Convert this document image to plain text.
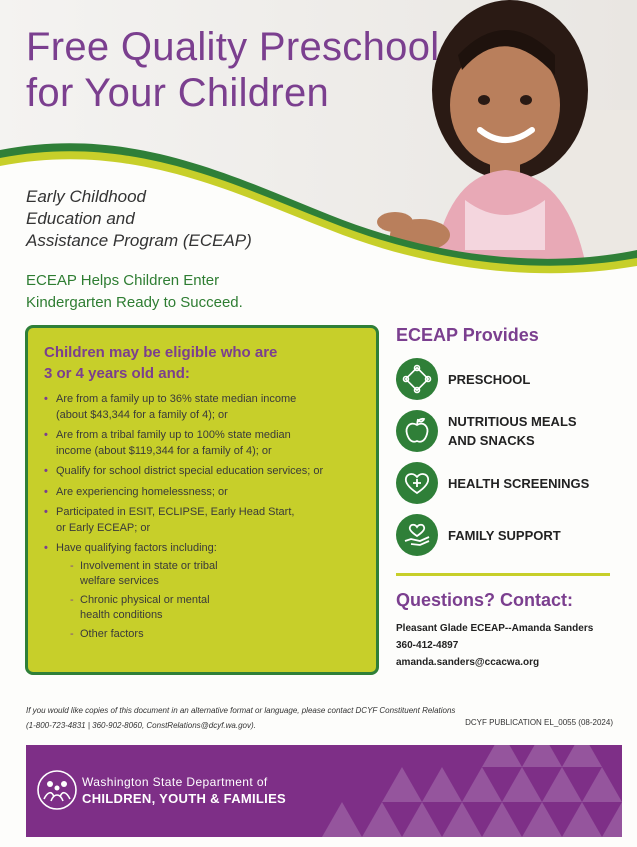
Free Quality Preschool
for Your Children
Early Childhood
Education and
Assistance Program (ECEAP)
ECEAP Helps Children Enter
Kindergarten Ready to Succeed.
Children may be eligible who are
3 or 4 years old and:
• Are from a family up to 36% state median income
(about $43,344 for a family of 4); or
• Are from a tribal family up to 100% state median
income (about $119,344 for a family of 4); or
• Qualify for school district special education services; or
• Are experiencing homelessness; or
• Participated in ESIT, ECLIPSE, Early Head Start,
or Early ECEAP; or
• Have qualifying factors including:
- Involvement in state or tribal
welfare services
- Chronic physical or mental
health conditions
- Other factors
ECEAP Provides
PRESCHOOL
NUTRITIOUS MEALS
AND SNACKS
HEALTH SCREENINGS
FAMILY SUPPORT
Questions? Contact:
Pleasant Glade ECEAP--Amanda Sanders
360-412-4897
amanda.sanders@ccacwa.org
If you would like copies of this document in an alternative format or language, please contact DCYF Constituent Relations
(1-800-723-4831 | 360-902-8060, ConstRelations@dcyf.wa.gov).	DCYF PUBLICATION EL_0055 (08-2024)
Washington State Department of
CHILDREN, YOUTH & FAMILIES
